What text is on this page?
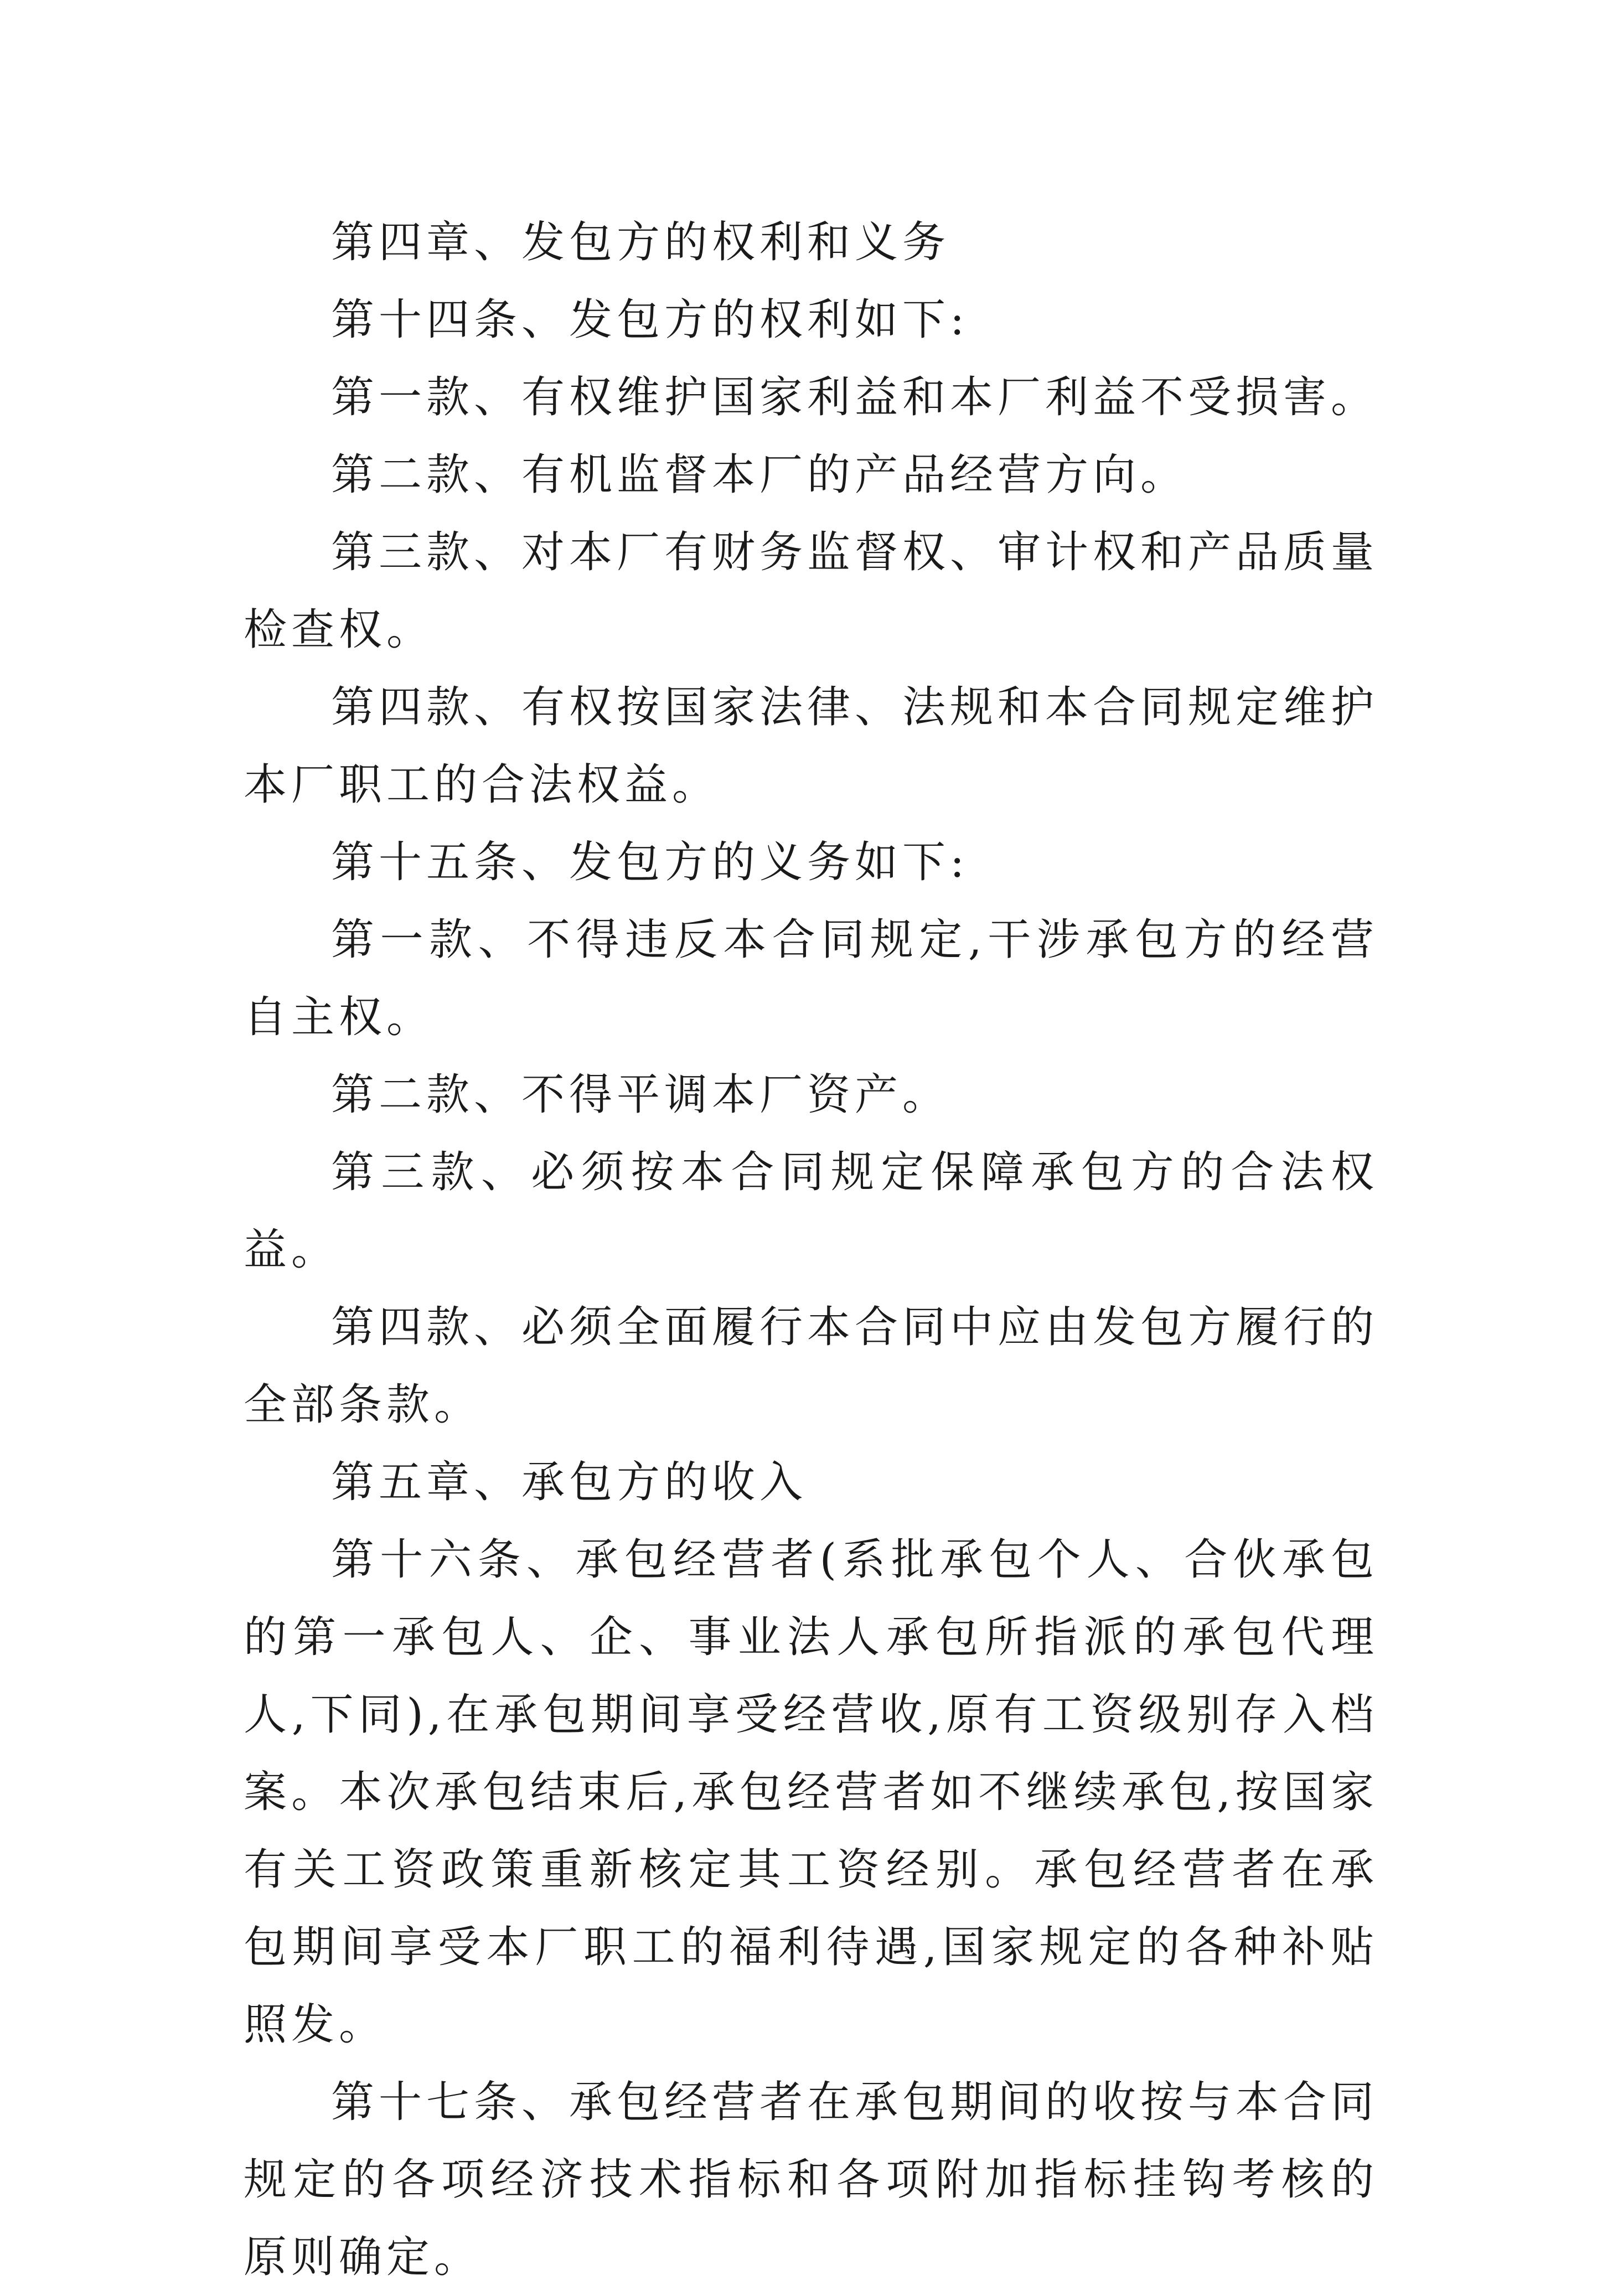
第四章、发包方的权利和义务

第十四条、发包方的权利如下:

第一款、有权维护国家利益和本厂利益不受损害。

第二款、有机监督本厂的产品经营方向。

第三款、对本厂有财务监督权、审计权和产品质量检查权。

第四款、有权按国家法律、法规和本合同规定维护本厂职工的合法权益。

第十五条、发包方的义务如下:

第一款、不得违反本合同规定,干涉承包方的经营自主权。

第二款、不得平调本厂资产。

第三款、必须按本合同规定保障承包方的合法权益。

第四款、必须全面履行本合同中应由发包方履行的全部条款。

第五章、承包方的收入

第十六条、承包经营者(系批承包个人、合伙承包的第一承包人、企、事业法人承包所指派的承包代理人,下同),在承包期间享受经营收,原有工资级别存入档案。本次承包结束后,承包经营者如不继续承包,按国家有关工资政策重新核定其工资经别。承包经营者在承包期间享受本厂职工的福利待遇,国家规定的各种补贴照发。

第十七条、承包经营者在承包期间的收按与本合同规定的各项经济技术指标和各项附加指标挂钩考核的原则确定。
